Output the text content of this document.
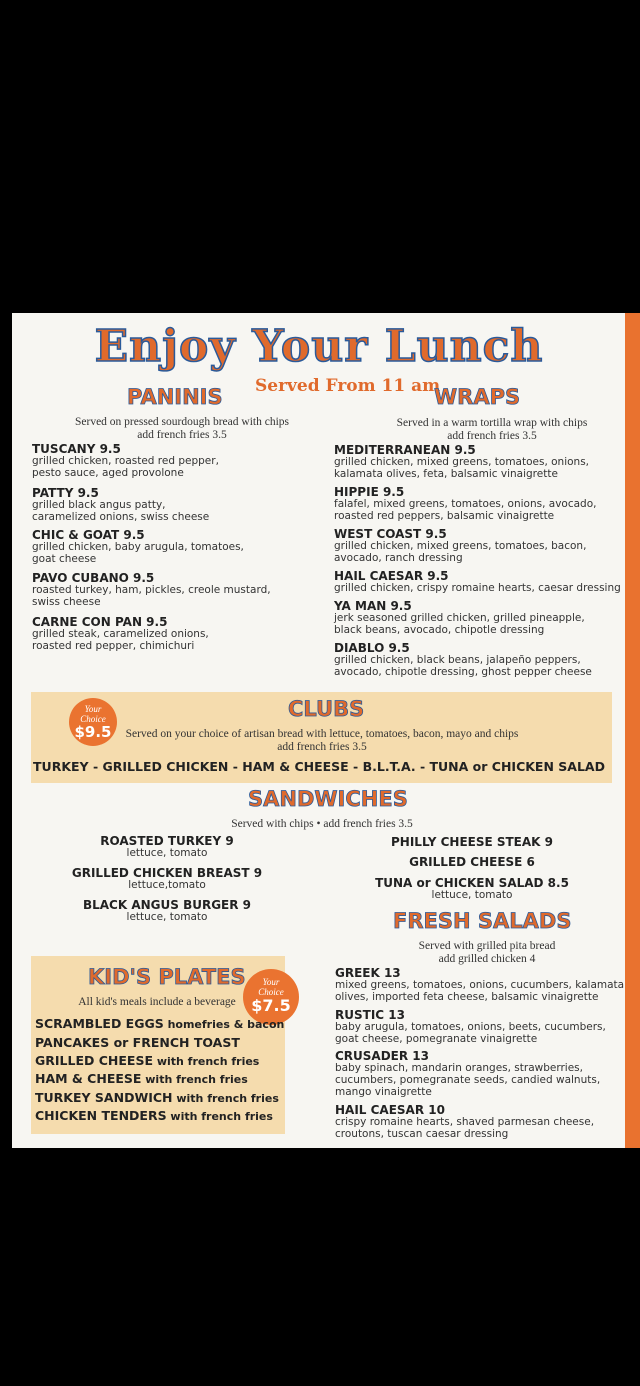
Enjoy Your Lunch
Served From 11 am
PANINIS
Served on pressed sourdough bread with chips
add french fries 3.5
TUSCANY 9.5
grilled chicken, roasted red pepper,
pesto sauce, aged provolone
PATTY 9.5
grilled black angus patty,
caramelized onions, swiss cheese
CHIC & GOAT 9.5
grilled chicken, baby arugula, tomatoes,
goat cheese
PAVO CUBANO 9.5
roasted turkey, ham, pickles, creole mustard,
swiss cheese
CARNE CON PAN 9.5
grilled steak, caramelized onions,
roasted red pepper, chimichuri
WRAPS
Served in a warm tortilla wrap with chips
add french fries 3.5
MEDITERRANEAN 9.5
grilled chicken, mixed greens, tomatoes, onions,
kalamata olives, feta, balsamic vinaigrette
HIPPIE 9.5
falafel, mixed greens, tomatoes, onions, avocado,
roasted red peppers, balsamic vinaigrette
WEST COAST 9.5
grilled chicken, mixed greens, tomatoes, bacon,
avocado, ranch dressing
HAIL CAESAR 9.5
grilled chicken, crispy romaine hearts, caesar dressing
YA MAN 9.5
jerk seasoned grilled chicken, grilled pineapple,
black beans, avocado, chipotle dressing
DIABLO 9.5
grilled chicken, black beans, jalapeño peppers,
avocado, chipotle dressing, ghost pepper cheese
Your
Choice
$9.5
CLUBS
Served on your choice of artisan bread with lettuce, tomatoes, bacon, mayo and chips
add french fries 3.5
TURKEY - GRILLED CHICKEN - HAM & CHEESE - B.L.T.A. - TUNA or CHICKEN SALAD
SANDWICHES
Served with chips • add french fries 3.5
ROASTED TURKEY 9
lettuce, tomato
GRILLED CHICKEN BREAST 9
lettuce,tomato
BLACK ANGUS BURGER 9
lettuce, tomato
PHILLY CHEESE STEAK 9
GRILLED CHEESE 6
TUNA or CHICKEN SALAD 8.5
lettuce, tomato
FRESH SALADS
Served with grilled pita bread
add grilled chicken 4
GREEK 13
mixed greens, tomatoes, onions, cucumbers, kalamata
olives, imported feta cheese, balsamic vinaigrette
RUSTIC 13
baby arugula, tomatoes, onions, beets, cucumbers,
goat cheese, pomegranate vinaigrette
CRUSADER 13
baby spinach, mandarin oranges, strawberries,
cucumbers, pomegranate seeds, candied walnuts,
mango vinaigrette
HAIL CAESAR 10
crispy romaine hearts, shaved parmesan cheese,
croutons, tuscan caesar dressing
Your
Choice
$7.5
KID'S PLATES
All kid's meals include a beverage
SCRAMBLED EGGS homefries & bacon
PANCAKES or FRENCH TOAST
GRILLED CHEESE with french fries
HAM & CHEESE with french fries
TURKEY SANDWICH with french fries
CHICKEN TENDERS with french fries
